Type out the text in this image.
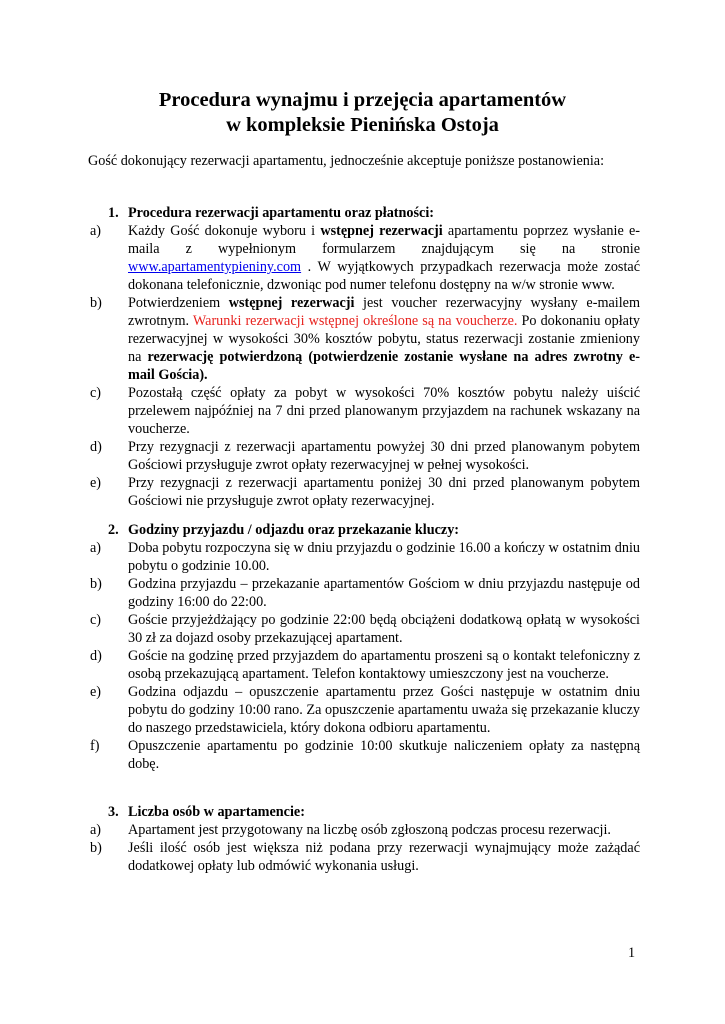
Procedura wynajmu i przejęcia apartamentów
w kompleksie Pienińska Ostoja
Gość dokonujący rezerwacji apartamentu, jednocześnie akceptuje poniższe postanowienia:
1. Procedura rezerwacji apartamentu oraz płatności:
a)	Każdy Gość dokonuje wyboru i wstępnej rezerwacji apartamentu poprzez wysłanie e-maila z wypełnionym formularzem znajdującym się na stronie www.apartamentypieniny.com . W wyjątkowych przypadkach rezerwacja może zostać dokonana telefonicznie, dzwoniąc pod numer telefonu dostępny na w/w stronie www.
b)	Potwierdzeniem wstępnej rezerwacji jest voucher rezerwacyjny wysłany e-mailem zwrotnym. Warunki rezerwacji wstępnej określone są na voucherze. Po dokonaniu opłaty rezerwacyjnej w wysokości 30% kosztów pobytu, status rezerwacji zostanie zmieniony na rezerwację potwierdzoną (potwierdzenie zostanie wysłane na adres zwrotny e-mail Gościa).
c)	Pozostałą część opłaty za pobyt w wysokości 70% kosztów pobytu należy uiścić przelewem najpóźniej na 7 dni przed planowanym przyjazdem na rachunek wskazany na voucherze.
d)	Przy rezygnacji z rezerwacji apartamentu powyżej 30 dni przed planowanym pobytem Gościowi przysługuje zwrot opłaty rezerwacyjnej w pełnej wysokości.
e)	Przy rezygnacji z rezerwacji apartamentu poniżej 30 dni przed planowanym pobytem Gościowi nie przysługuje zwrot opłaty rezerwacyjnej.
2. Godziny przyjazdu / odjazdu oraz przekazanie kluczy:
a)	Doba pobytu rozpoczyna się w dniu przyjazdu o godzinie 16.00 a kończy w ostatnim dniu pobytu o godzinie 10.00.
b)	Godzina przyjazdu – przekazanie apartamentów Gościom w dniu przyjazdu następuje od godziny 16:00 do 22:00.
c)	Goście przyjeżdżający po godzinie 22:00 będą obciążeni dodatkową opłatą w wysokości 30 zł za dojazd osoby przekazującej apartament.
d)	Goście na godzinę przed przyjazdem do apartamentu proszeni są o kontakt telefoniczny z osobą przekazującą apartament. Telefon kontaktowy umieszczony jest na voucherze.
e)	Godzina odjazdu – opuszczenie apartamentu przez Gości następuje w ostatnim dniu pobytu do godziny 10:00 rano. Za opuszczenie apartamentu uważa się przekazanie kluczy do naszego przedstawiciela, który dokona odbioru apartamentu.
f)	Opuszczenie apartamentu po godzinie 10:00 skutkuje naliczeniem opłaty za następną dobę.
3. Liczba osób w apartamencie:
a)	Apartament jest przygotowany na liczbę osób zgłoszoną podczas procesu rezerwacji.
b)	Jeśli ilość osób jest większa niż podana przy rezerwacji wynajmujący może zażądać dodatkowej opłaty lub odmówić wykonania usługi.
1
